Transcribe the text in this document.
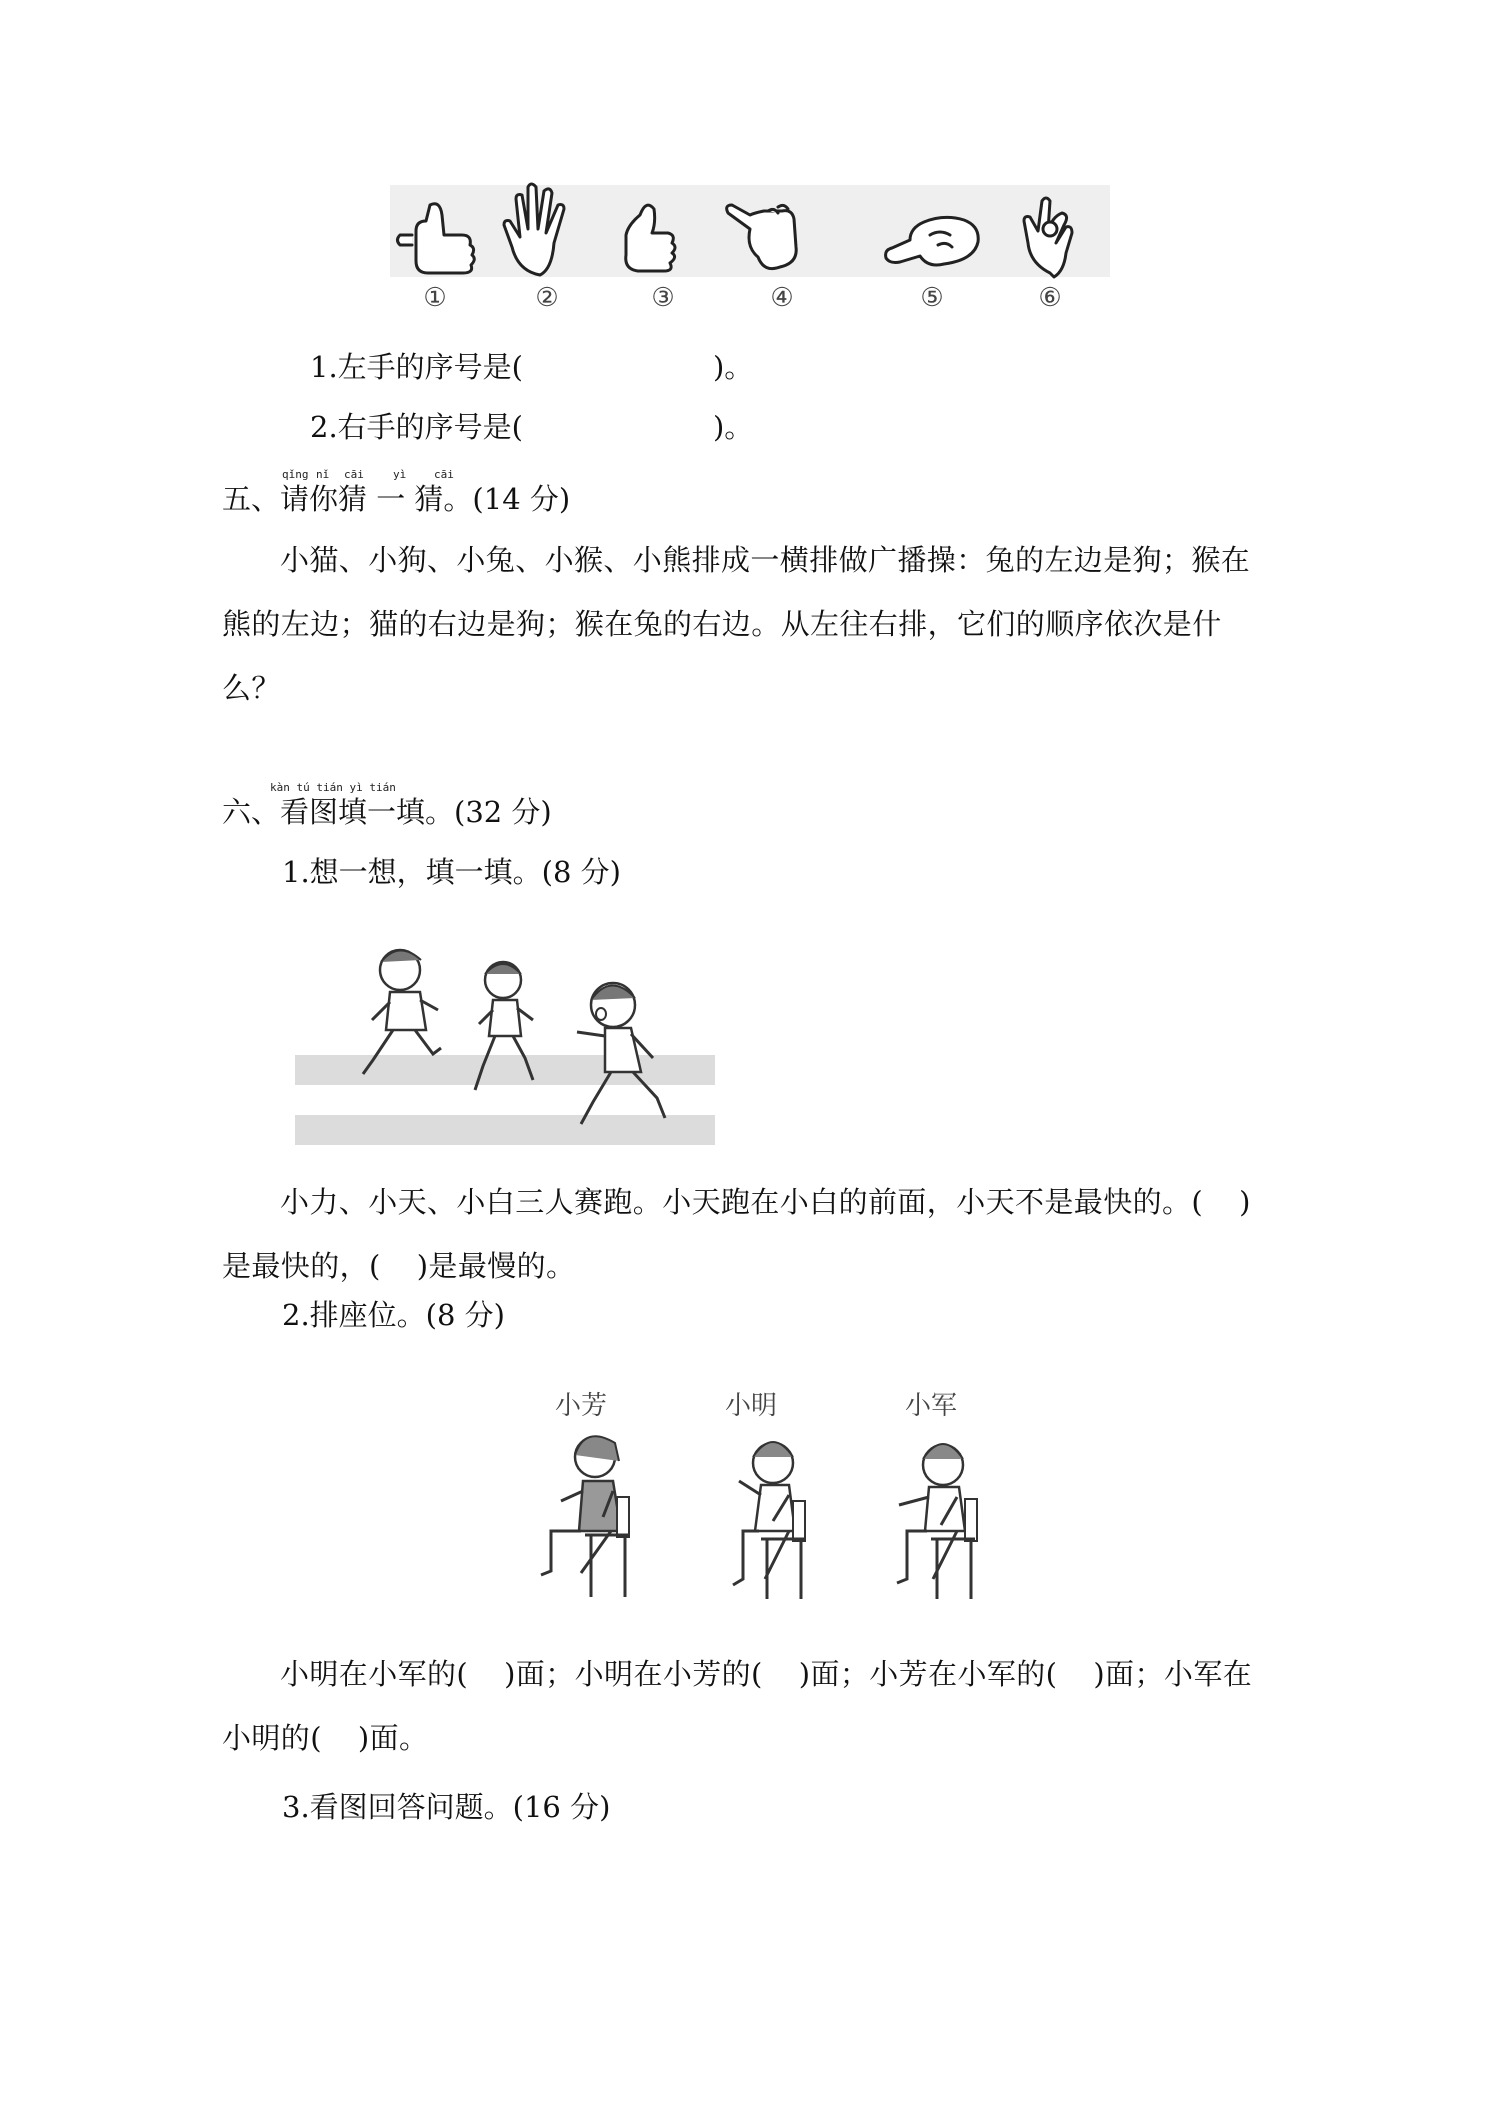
①	②	③	④	⑤	⑥
1.左手的序号是(	)。
2.右手的序号是(	)。
qǐng nǐ cāi	yì	cāi
五、请你猜 一 猜。(14 分)
小猫、小狗、小兔、小猴、小熊排成一横排做广播操：兔的左边是狗；猴在熊的左边；猫的右边是狗；猴在兔的右边。从左往右排，它们的顺序依次是什么？
kàn tú tián yì tián
六、看图填一填。(32 分)
1.想一想，填一填。(8 分)
小力、小天、小白三人赛跑。小天跑在小白的前面，小天不是最快的。( )是最快的，( )是最慢的。
2.排座位。(8 分)
小芳	小明	小军
小明在小军的( )面；小明在小芳的( )面；小芳在小军的( )面；小军在
小明的( )面。
3.看图回答问题。(16 分)
